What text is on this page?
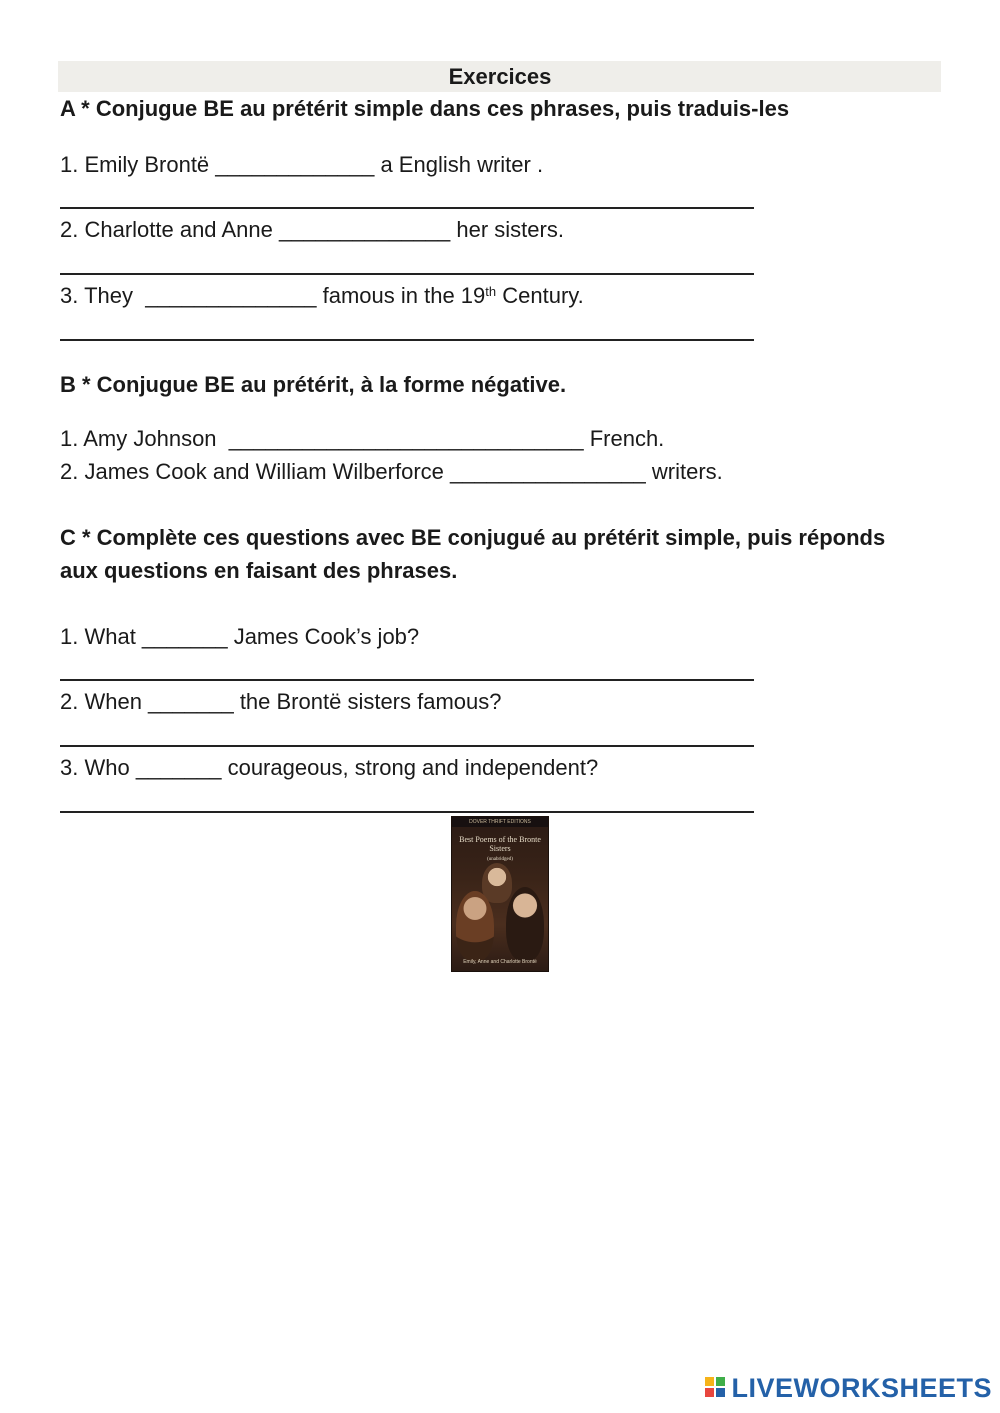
Exercices
A * Conjugue BE au prétérit simple dans ces phrases, puis traduis-les
1. Emily Brontë _____________ a English writer .
2. Charlotte and Anne ______________ her sisters.
3. They  ______________ famous in the 19th Century.
B * Conjugue BE au prétérit, à la forme négative.
1. Amy Johnson  _____________________________ French.
2. James Cook and William Wilberforce ________________ writers.
C * Complète ces questions avec BE conjugué au prétérit simple, puis réponds
aux questions en faisant des phrases.
1. What _______ James Cook’s job?
2. When _______ the Brontë sisters famous?
3. Who _______ courageous, strong and independent?
DOVER THRIFT EDITIONS
Best Poems of the Bronte Sisters
(unabridged)
Emily, Anne and Charlotte Brontë
LIVEWORKSHEETS
